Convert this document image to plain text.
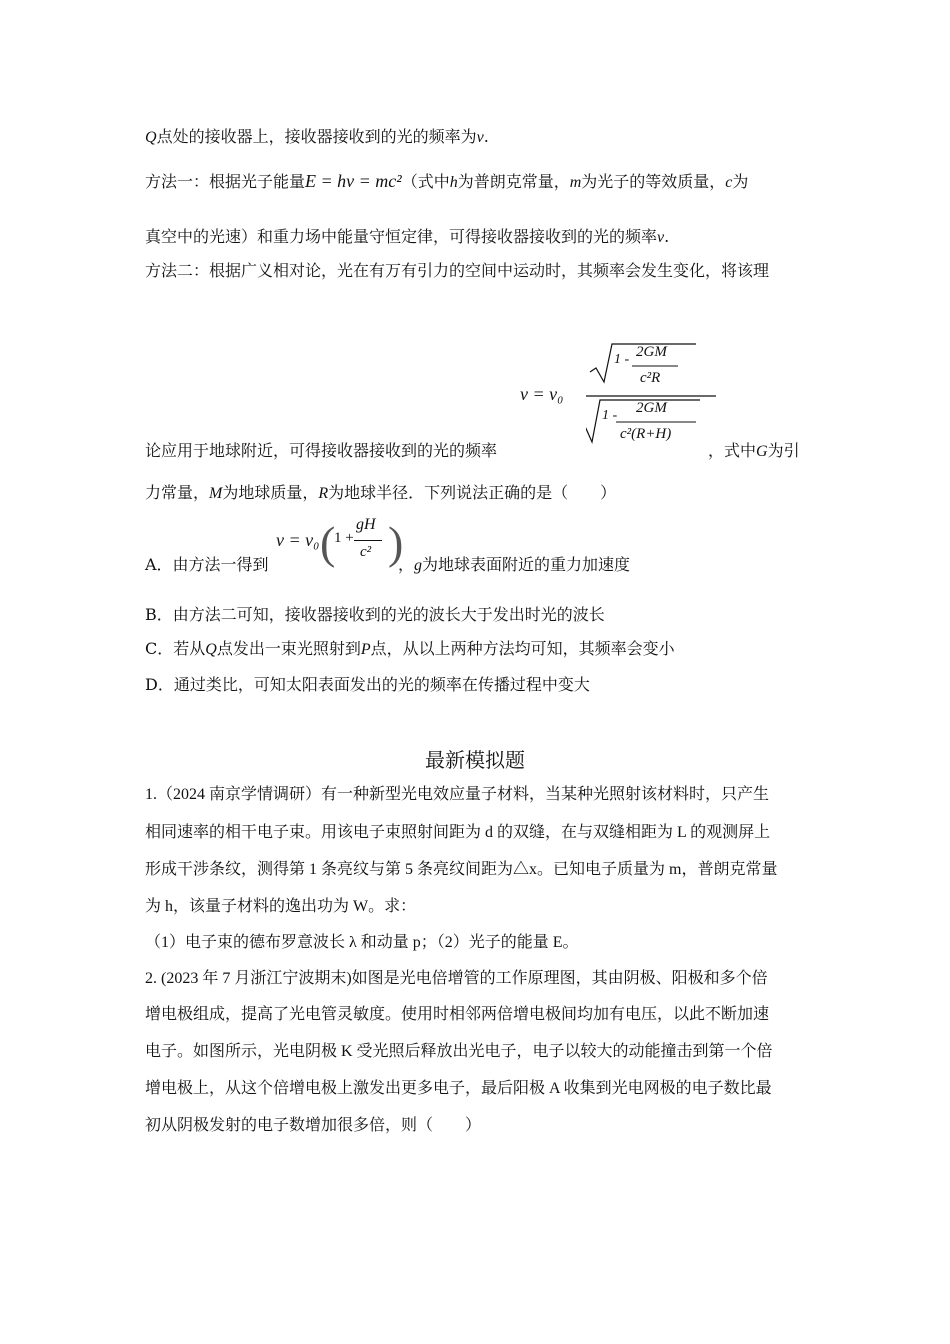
Q点处的接收器上，接收器接收到的光的频率为ν.
方法一：根据光子能量E = hν = mc²（式中h为普朗克常量，m为光子的等效质量，c为
真空中的光速）和重力场中能量守恒定律，可得接收器接收到的光的频率ν.
方法二：根据广义相对论，光在有万有引力的空间中运动时，其频率会发生变化，将该理
ν = ν₀
1 - 2GM
c²R
1 - 2GM
c²(R+H)
论应用于地球附近，可得接收器接收到的光的频率	，式中G为引
力常量，M为地球质量，R为地球半径．下列说法正确的是（　　）
A．由方法一得到
ν = ν₀ (
1 +
gH
c² )
，g为地球表面附近的重力加速度
B．由方法二可知，接收器接收到的光的波长大于发出时光的波长
C．若从Q点发出一束光照射到P点，从以上两种方法均可知，其频率会变小
D．通过类比，可知太阳表面发出的光的频率在传播过程中变大
最新模拟题
1.（2024 南京学情调研）有一种新型光电效应量子材料，当某种光照射该材料时，只产生
相同速率的相干电子束。用该电子束照射间距为 d 的双缝，在与双缝相距为 L 的观测屏上
形成干涉条纹，测得第 1 条亮纹与第 5 条亮纹间距为△x。已知电子质量为 m，普朗克常量
为 h，该量子材料的逸出功为 W。求：
（1）电子束的德布罗意波长 λ 和动量 p；（2）光子的能量 E。
2. (2023 年 7 月浙江宁波期末)如图是光电倍增管的工作原理图，其由阴极、阳极和多个倍
增电极组成，提高了光电管灵敏度。使用时相邻两倍增电极间均加有电压，以此不断加速
电子。如图所示，光电阴极 K 受光照后释放出光电子，电子以较大的动能撞击到第一个倍
增电极上，从这个倍增电极上激发出更多电子，最后阳极 A 收集到光电网极的电子数比最
初从阴极发射的电子数增加很多倍，则（　　）
